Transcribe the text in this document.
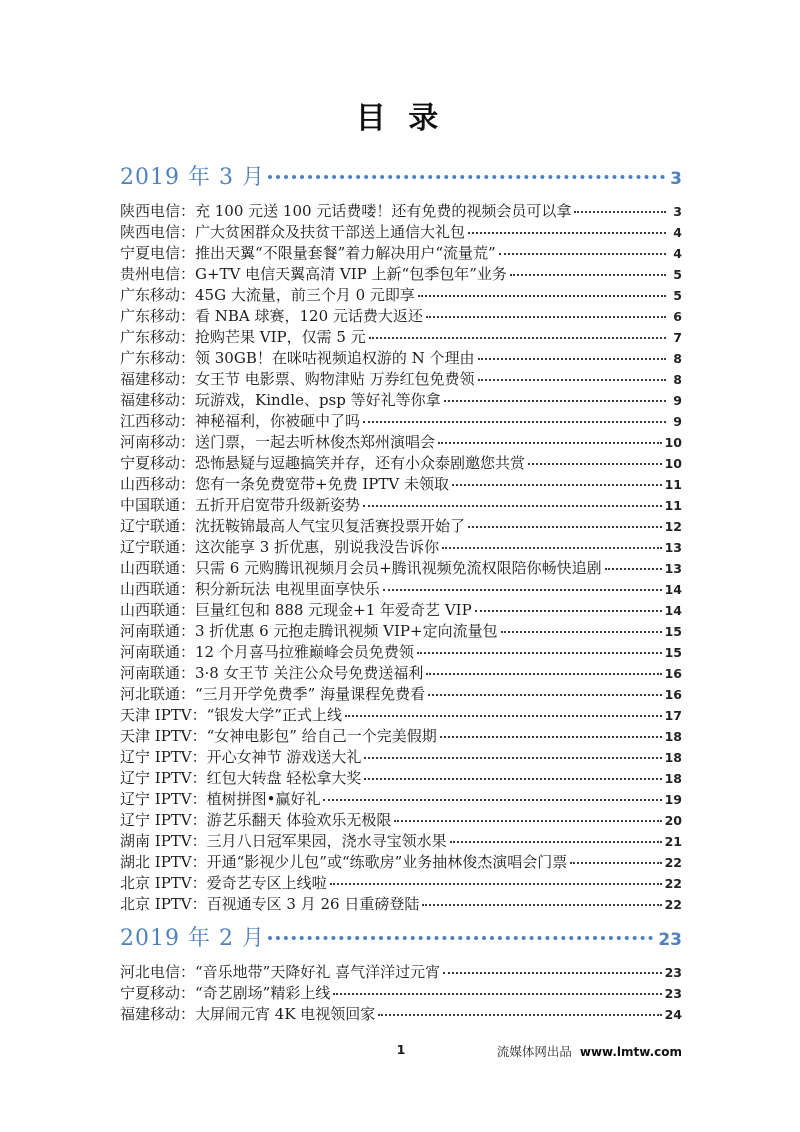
目 录
2019 年 3 月	3
陕西电信：充 100 元送 100 元话费喽！还有免费的视频会员可以拿	3
陕西电信：广大贫困群众及扶贫干部送上通信大礼包	4
宁夏电信：推出天翼“不限量套餐”着力解决用户“流量荒”	4
贵州电信：G+TV 电信天翼高清 VIP 上新“包季包年”业务	5
广东移动：45G 大流量，前三个月 0 元即享	5
广东移动：看 NBA 球赛，120 元话费大返还	6
广东移动：抢购芒果 VIP，仅需 5 元	7
广东移动：领 30GB！在咪咕视频追权游的 N 个理由	8
福建移动：女王节 电影票、购物津贴 万券红包免费领	8
福建移动：玩游戏，Kindle、psp 等好礼等你拿	9
江西移动：神秘福利，你被砸中了吗	9
河南移动：送门票，一起去听林俊杰郑州演唱会	10
宁夏移动：恐怖悬疑与逗趣搞笑并存，还有小众泰剧邀您共赏	10
山西移动：您有一条免费宽带+免费 IPTV 未领取	11
中国联通：五折开启宽带升级新姿势	11
辽宁联通：沈抚鞍锦最高人气宝贝复活赛投票开始了	12
辽宁联通：这次能享 3 折优惠，别说我没告诉你	13
山西联通：只需 6 元购腾讯视频月会员+腾讯视频免流权限陪你畅快追剧	13
山西联通：积分新玩法 电视里面享快乐	14
山西联通：巨量红包和 888 元现金+1 年爱奇艺 VIP	14
河南联通：3 折优惠 6 元抱走腾讯视频 VIP+定向流量包	15
河南联通：12 个月喜马拉雅巅峰会员免费领	15
河南联通：3·8 女王节 关注公众号免费送福利	16
河北联通：“三月开学免费季” 海量课程免费看	16
天津 IPTV：“银发大学”正式上线	17
天津 IPTV：“女神电影包” 给自己一个完美假期	18
辽宁 IPTV：开心女神节 游戏送大礼	18
辽宁 IPTV：红包大转盘 轻松拿大奖	18
辽宁 IPTV：植树拼图•赢好礼	19
辽宁 IPTV：游艺乐翻天 体验欢乐无极限	20
湖南 IPTV：三月八日冠军果园，浇水寻宝领水果	21
湖北 IPTV：开通“影视少儿包”或“练歌房”业务抽林俊杰演唱会门票	22
北京 IPTV：爱奇艺专区上线啦	22
北京 IPTV：百视通专区 3 月 26 日重磅登陆	22
2019 年 2 月	23
河北电信：“音乐地带”天降好礼 喜气洋洋过元宵	23
宁夏移动：“奇艺剧场”精彩上线	23
福建移动：大屏闹元宵 4K 电视领回家	24
1	流媒体网出品 www.lmtw.com
